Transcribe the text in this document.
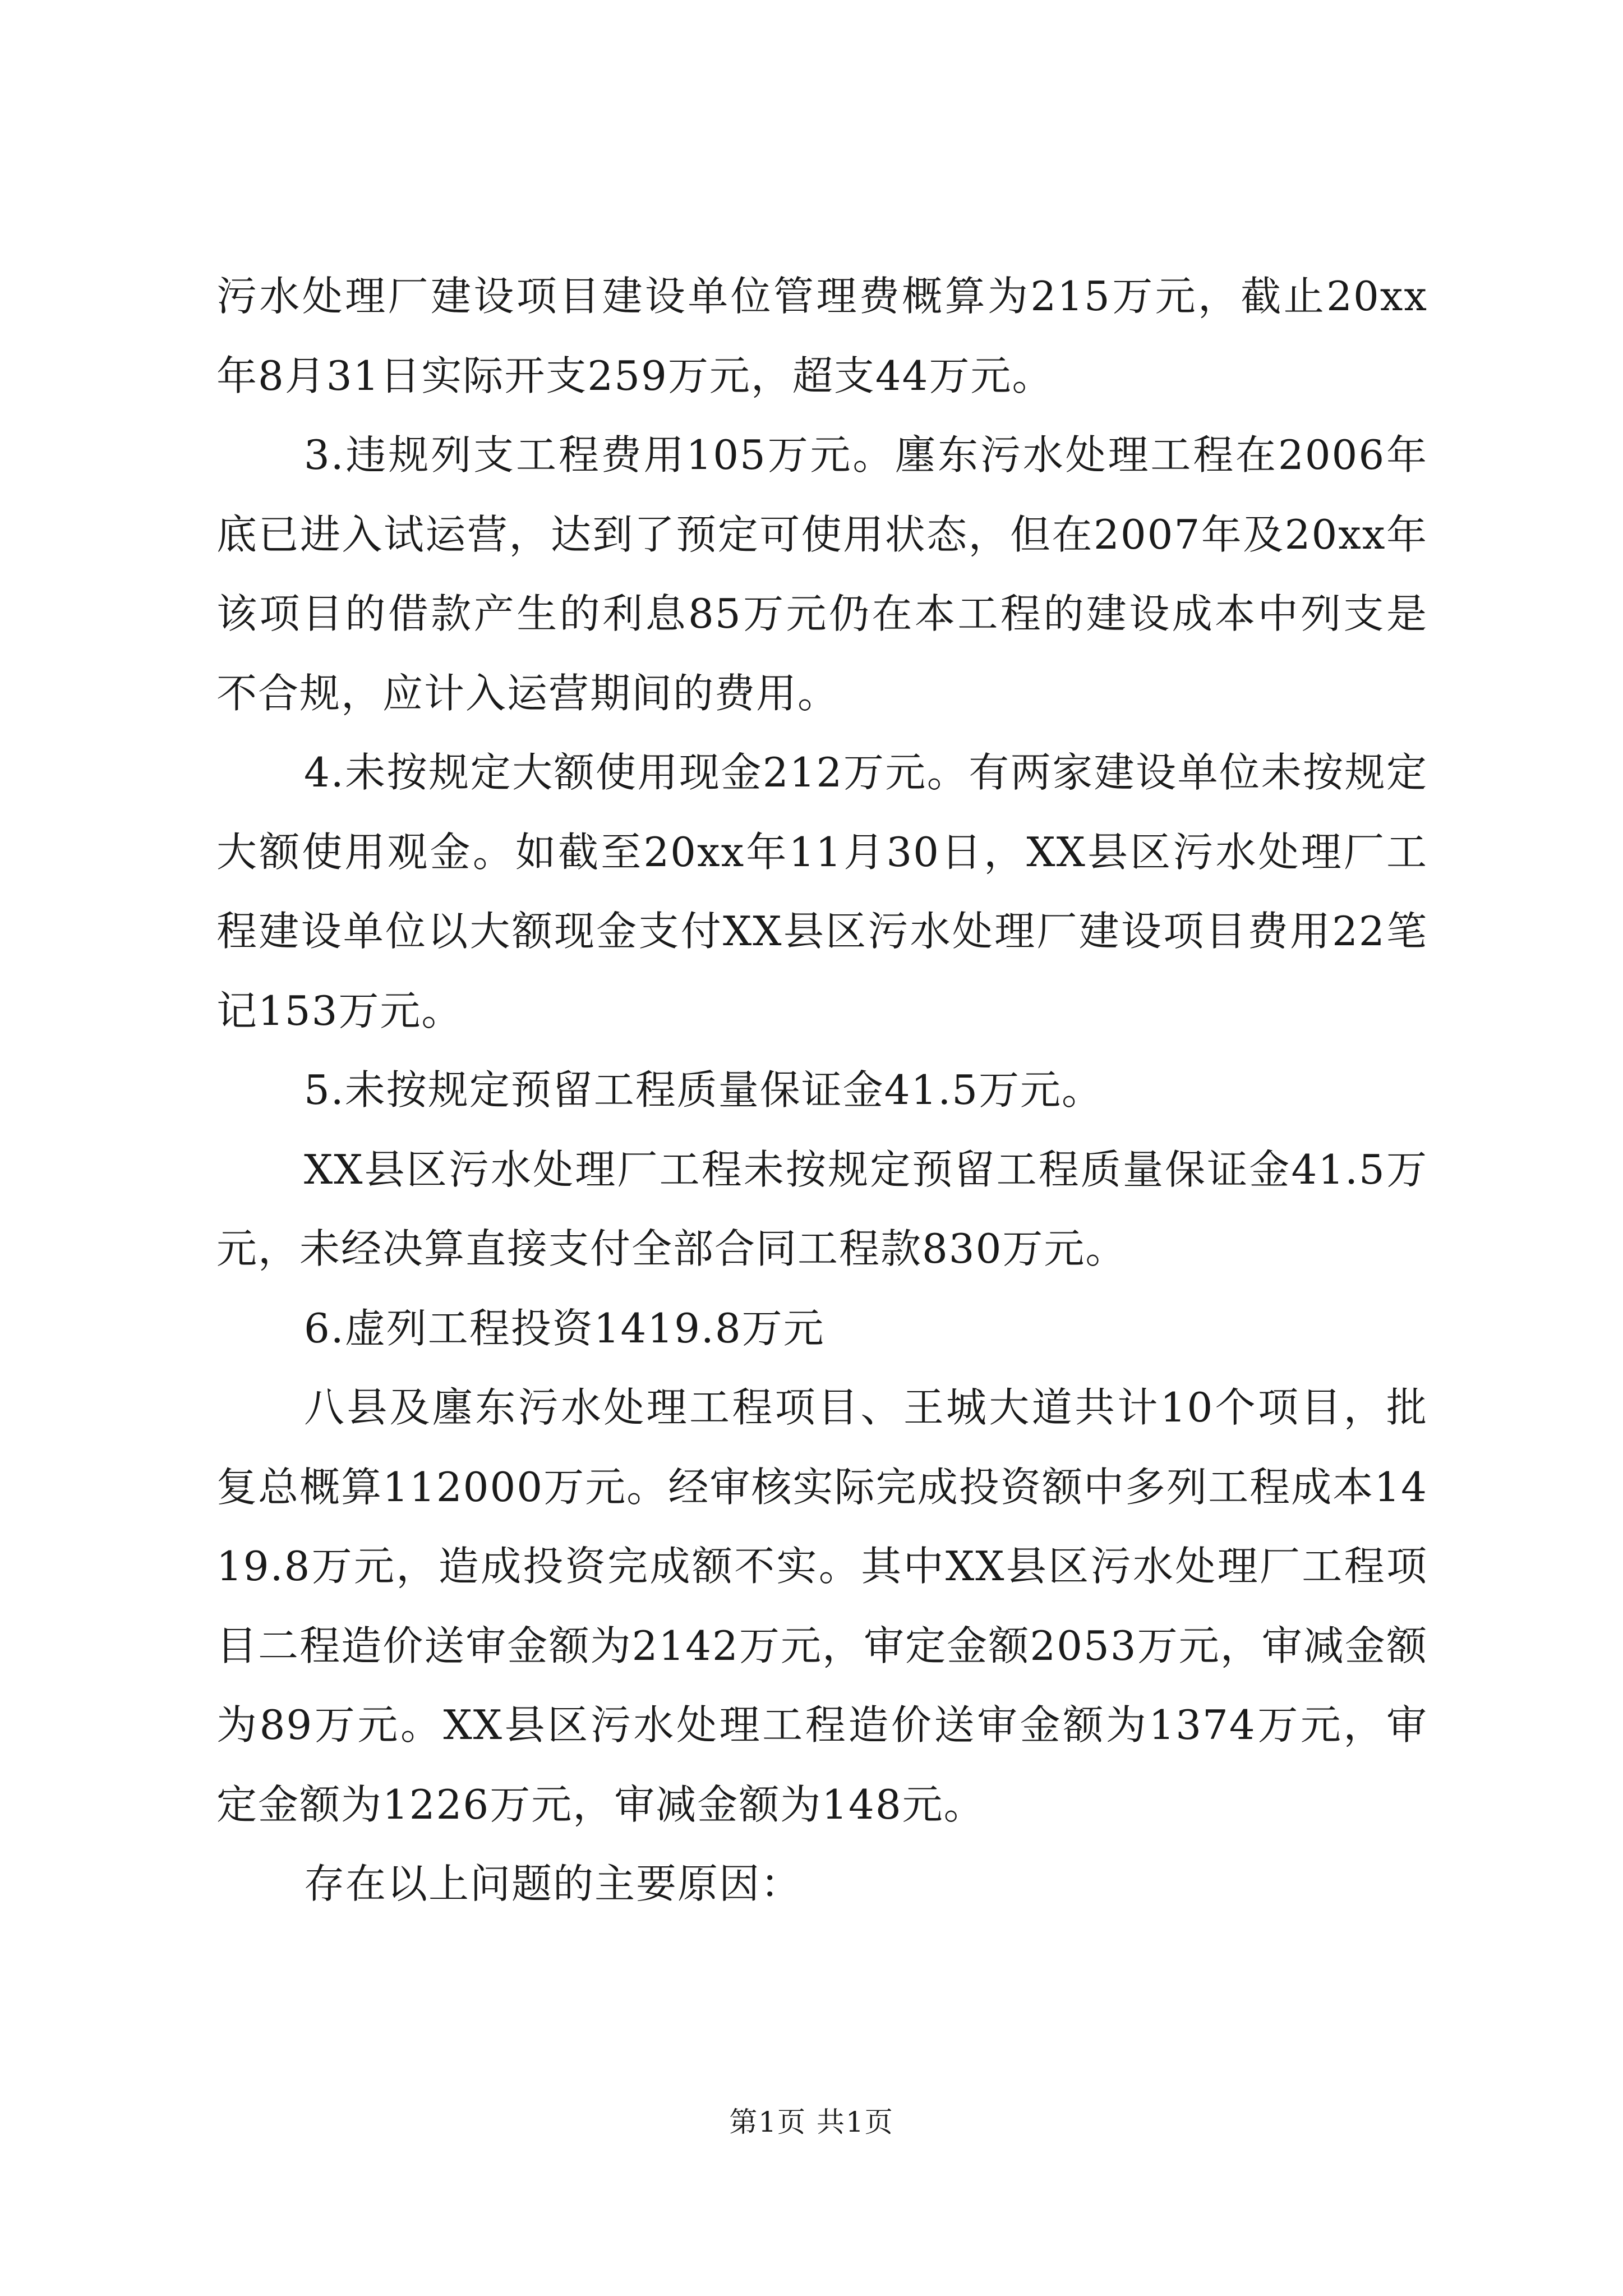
污水处理厂建设项目建设单位管理费概算为215万元，截止20xx年8月31日实际开支259万元，超支44万元。

3.违规列支工程费用105万元。廛东污水处理工程在2006年底已进入试运营，达到了预定可使用状态，但在2007年及20xx年该项目的借款产生的利息85万元仍在本工程的建设成本中列支是不合规，应计入运营期间的费用。

4.未按规定大额使用现金212万元。有两家建设单位未按规定大额使用观金。如截至20xx年11月30日，XX县区污水处理厂工程建设单位以大额现金支付XX县区污水处理厂建设项目费用22笔记153万元。

5.未按规定预留工程质量保证金41.5万元。

XX县区污水处理厂工程未按规定预留工程质量保证金41.5万元，未经决算直接支付全部合同工程款830万元。

6.虚列工程投资1419.8万元

八县及廛东污水处理工程项目、王城大道共计10个项目，批复总概算112000万元。经审核实际完成投资额中多列工程成本1419.8万元，造成投资完成额不实。其中XX县区污水处理厂工程项目二程造价送审金额为2142万元，审定金额2053万元，审减金额为89万元。XX县区污水处理工程造价送审金额为1374万元，审定金额为1226万元，审减金额为148元。

存在以上问题的主要原因：

第1页 共1页
